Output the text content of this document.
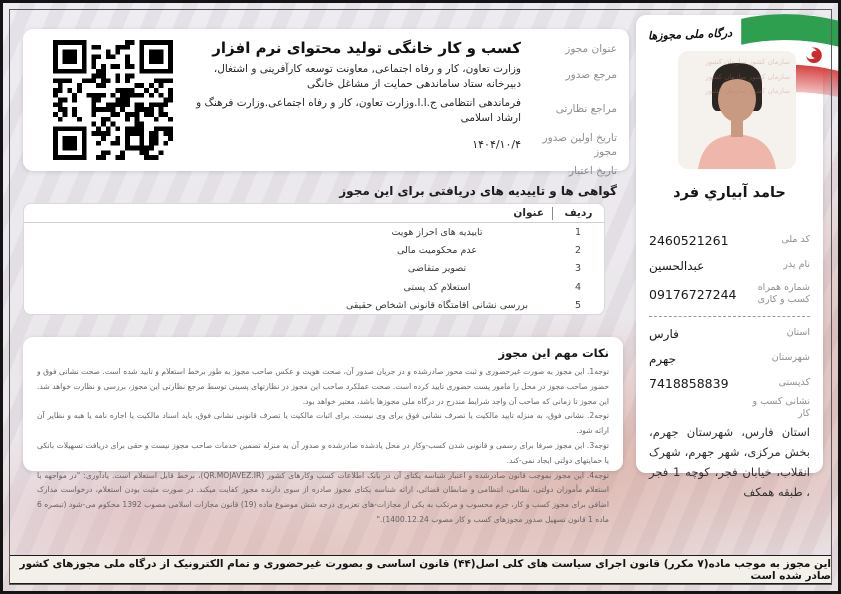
عنوان مجوز
کسب و کار خانگی تولید محتوای نرم افزار
مرجع صدور
وزارت تعاون، کار و رفاه اجتماعی, معاونت توسعه کارآفرینی و اشتغال، دبیرخانه ستاد ساماندهی حمایت از مشاغل خانگی
مراجع نظارتی
فرماندهی انتظامی ج.ا.ا.وزارت تعاون، کار و رفاه اجتماعی.وزارت فرهنگ و ارشاد اسلامی
تاریخ اولین صدور مجوز
۱۴۰۴/۱۰/۴
تاریخ اعتبار
گواهی ها و تاییدیه های دریافتی برای این مجوز
ردیف
عنوان
1
تاییدیه های احراز هویت
2
عدم محکومیت مالی
3
تصویر متقاضی
4
استعلام کد پستی
5
بررسی نشانی اقامتگاه قانونی اشخاص حقیقی
نکات مهم این مجوز

توجه1. این مجوز به صورت غیرحضوری و ثبت محور صادرشده و در جریان صدور آن، صحت هویت و عکس صاحب مجوز به طور برخط استعلام و تایید شده است. صحت نشانی فوق و حضور صاحب مجوز در محل را مامور پست حضوری تایید کرده است. صحت عملکرد صاحب این مجوز در نظارتهای پسینی توسط مرجع نظارتی این مجوز، بررسی و نظارت خواهد شد. این مجوز تا زمانی که صاحب آن واجد شرایط مندرج در درگاه ملی مجوزها باشد، معتبر خواهد بود.

توجه2. نشانی فوق، به منزله تایید مالکیت یا تصرف نشانی فوق برای وی نیست. برای اثبات مالکیت یا تصرف قانونی نشانی فوق، باید اسناد مالکیت یا اجاره نامه یا هبه و نظایر آن ارائه شود.

توجه3. این مجوز صرفا برای رسمی و قانونی شدن کسب-وکار در محل یادشده صادرشده و صدور آن به منزله تضمین خدمات صاحب مجوز نیست و حقی برای دریافت تسهیلات بانکی یا حمایتهای دولتی ایجاد نمی-کند.

توجه4. این مجوز بموجب قانون صادرشده و اعتبار شناسه یکتای آن در بانک اطلاعات کسب وکارهای کشور (QR.MOJAVEZ.IR)، برخط قابل استعلام است. یادآوری: "در مواجهه با استعلام مأموران دولتی، نظامی، انتظامی و ضابطان قضائی، ارائه شناسه یکتای مجوز صادره از سوی دارنده مجوز کفایت میکند. در صورت مثبت بودن استعلام، درخواست مدارک اضافی برای مجوز کسب و کار، جرم محسوب و مرتکب به یکی از مجازات-های تعزیری درجه شش موضوع ماده (19) قانون مجازات اسلامی مصوب 1392 محکوم می-شود (تبصره 6 ماده 1 قانون تسهیل صدور مجوزهای کسب و کار مصوب 1400.12.24)."

درگاه ملی مجوزها
سازمان کشور سازمان کشور سازمان کشور سازمان کشور سازمان کشور سازمان کشور
حامد آبياري فرد
کد ملی
2460521261
نام پدر
عبدالحسین
شماره همراه کسب و کاری
09176727244
استان
فارس
شهرستان
جهرم
کدپستی
7418858839
نشانی کسب و کار
استان فارس، شهرستان جهرم، بخش مرکزی، شهر جهرم، شهرک انقلاب، خیابان فجر، کوچه 1 فجر ، طبقه همکف
این مجوز به موجب ماده(۷ مکرر) قانون اجرای سیاست های کلی اصل(۴۴) قانون اساسی و بصورت غیرحضوری و تمام الکترونیک از درگاه ملی مجوزهای کشور صادر شده است
